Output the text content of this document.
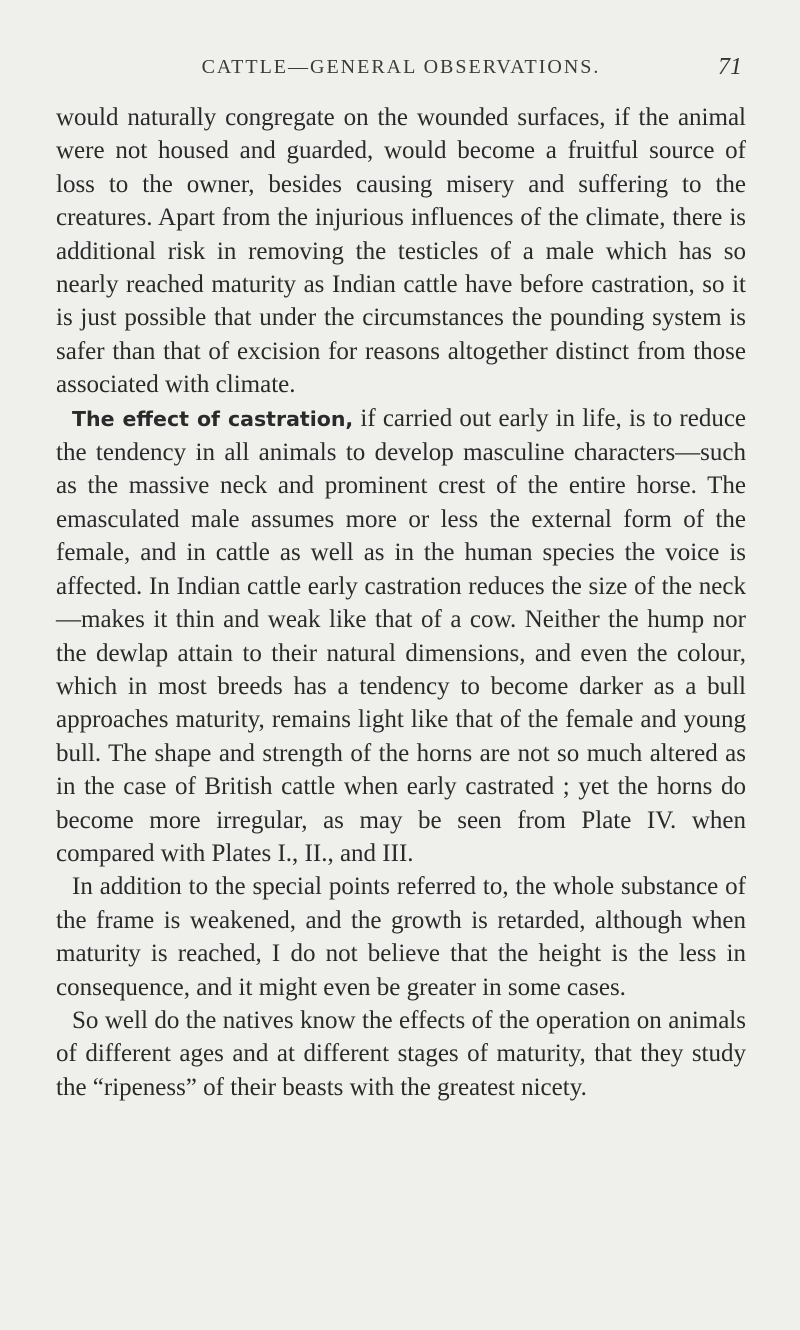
CATTLE—GENERAL OBSERVATIONS.	71

would naturally congregate on the wounded surfaces, if the animal were not housed and guarded, would become a fruitful source of loss to the owner, besides causing misery and suffering to the creatures. Apart from the injurious influences of the climate, there is additional risk in removing the testicles of a male which has so nearly reached maturity as Indian cattle have before castration, so it is just possible that under the circumstances the pounding system is safer than that of excision for reasons altogether distinct from those associated with climate.

The effect of castration, if carried out early in life, is to reduce the tendency in all animals to develop masculine characters—such as the massive neck and prominent crest of the entire horse. The emasculated male assumes more or less the external form of the female, and in cattle as well as in the human species the voice is affected. In Indian cattle early castration reduces the size of the neck—makes it thin and weak like that of a cow. Neither the hump nor the dewlap attain to their natural dimensions, and even the colour, which in most breeds has a tendency to become darker as a bull approaches maturity, remains light like that of the female and young bull. The shape and strength of the horns are not so much altered as in the case of British cattle when early castrated ; yet the horns do become more irregular, as may be seen from Plate IV. when compared with Plates I., II., and III.

In addition to the special points referred to, the whole substance of the frame is weakened, and the growth is retarded, although when maturity is reached, I do not believe that the height is the less in consequence, and it might even be greater in some cases.

So well do the natives know the effects of the operation on animals of different ages and at different stages of maturity, that they study the “ripeness” of their beasts with the greatest nicety.
